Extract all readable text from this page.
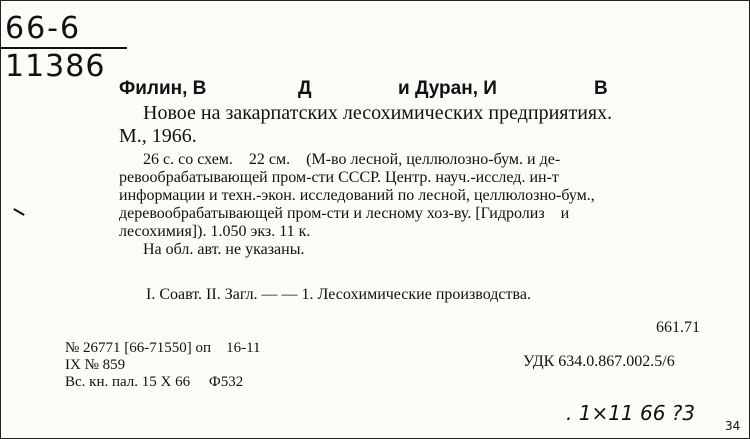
66-6
11386
Филин, В	Д	и Дуран, И	В
Новое на закарпатских лесохимических предприятиях.
М., 1966.
26 с. со схем.    22 см.    (М-во лесной, целлюлозно-бум. и де-
ревообрабатывающей пром-сти СССР. Центр. науч.-исслед. ин-т
информации и техн.-экон. исследований по лесной, целлюлозно-бум.,
деревообрабатывающей пром-сти и лесному хоз-ву. [Гидролиз    и
лесохимия]). 1.050 экз. 11 к.
На обл. авт. не указаны.
I. Соавт. II. Загл. — — 1. Лесохимические производства.
661.71
№ 26771 [66-71550] оп    16-11
IX № 859
Вс. кн. пал. 15 X 66     Ф532
УДК 634.0.867.002.5/6
. 1×11 66 ?3
34
